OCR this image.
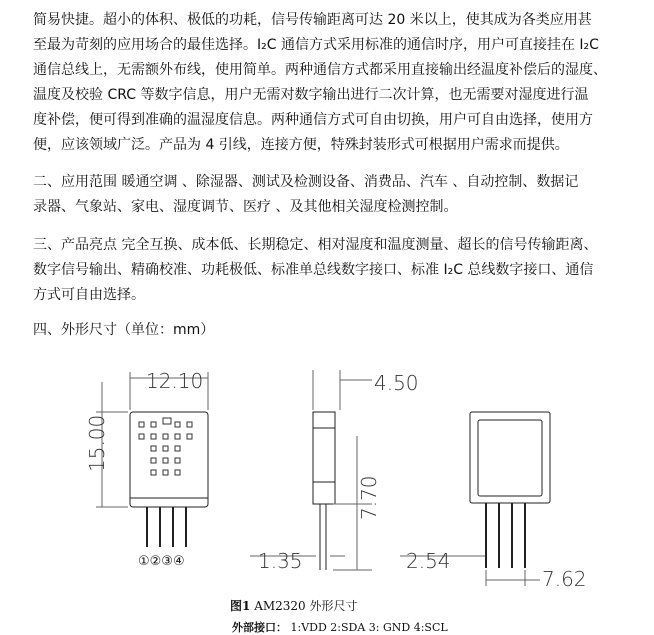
简易快捷。超小的体积、极低的功耗，信号传输距离可达 20 米以上，使其成为各类应用甚
至最为苛刻的应用场合的最佳选择。I₂C 通信方式采用标准的通信时序，用户可直接挂在 I₂C
通信总线上，无需额外布线，使用简单。两种通信方式都采用直接输出经温度补偿后的湿度、
温度及校验 CRC 等数字信息，用户无需对数字输出进行二次计算，也无需要对湿度进行温
度补偿，便可得到准确的温湿度信息。两种通信方式可自由切换，用户可自由选择，使用方
便，应该领域广泛。产品为 4 引线，连接方便，特殊封装形式可根据用户需求而提供。
二、应用范围 暖通空调 、除湿器、测试及检测设备、消费品、汽车 、自动控制、数据记
录器、气象站、家电、湿度调节、医疗 、及其他相关湿度检测控制。
三、产品亮点 完全互换、成本低、长期稳定、相对湿度和温度测量、超长的信号传输距离、
数字信号输出、精确校准、功耗极低、标准单总线数字接口、标准 I₂C 总线数字接口、通信
方式可自由选择。
四、外形尺寸（单位：mm）
12.10
15.00
4.50
7.70
1.35	2.54
7.62
①②③④
图1 AM2320 外形尺寸
外部接口： 1:VDD 2:SDA 3: GND 4:SCL
